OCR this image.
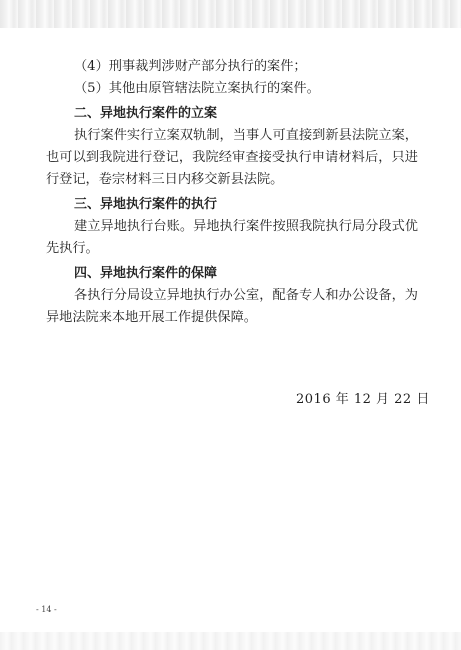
（4）刑事裁判涉财产部分执行的案件；

（5）其他由原管辖法院立案执行的案件。

二、异地执行案件的立案

执行案件实行立案双轨制，当事人可直接到新县法院立案，

也可以到我院进行登记，我院经审查接受执行申请材料后，只进

行登记，卷宗材料三日内移交新县法院。

三、异地执行案件的执行

建立异地执行台账。异地执行案件按照我院执行局分段式优

先执行。

四、异地执行案件的保障

各执行分局设立异地执行办公室，配备专人和办公设备，为

异地法院来本地开展工作提供保障。

2016 年 12 月 22 日
- 14 -
